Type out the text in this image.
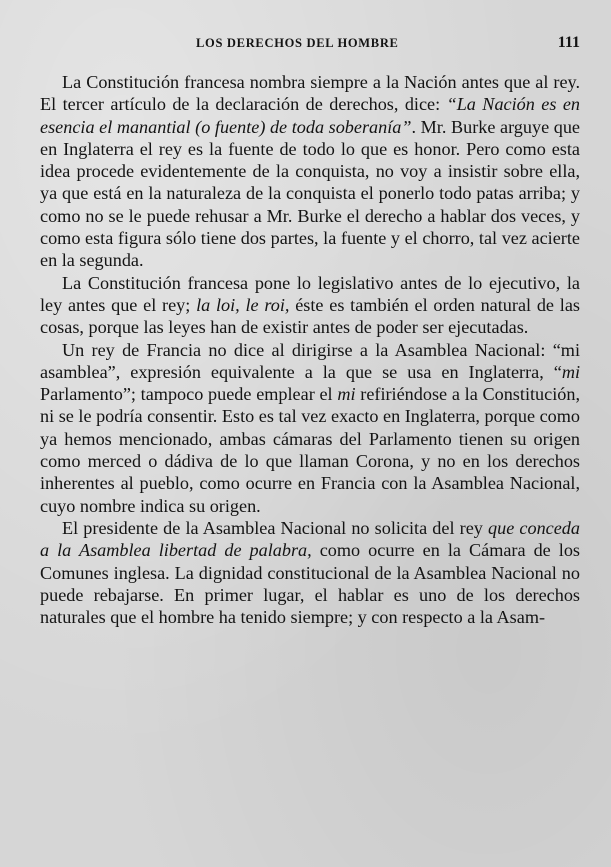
LOS DERECHOS DEL HOMBRE	111

La Constitución francesa nombra siempre a la Nación antes que al rey. El tercer artículo de la declaración de derechos, dice: “La Nación es en esencia el manantial (o fuente) de toda soberanía”. Mr. Burke arguye que en Inglaterra el rey es la fuente de todo lo que es honor. Pero como esta idea procede evidentemente de la conquista, no voy a insistir sobre ella, ya que está en la naturaleza de la conquista el ponerlo todo patas arriba; y como no se le puede rehusar a Mr. Burke el derecho a hablar dos veces, y como esta figura sólo tiene dos partes, la fuente y el chorro, tal vez acierte en la segunda.

La Constitución francesa pone lo legislativo antes de lo ejecutivo, la ley antes que el rey; la loi, le roi, éste es también el orden natural de las cosas, porque las leyes han de existir antes de poder ser ejecutadas.

Un rey de Francia no dice al dirigirse a la Asamblea Nacional: “mi asamblea”, expresión equivalente a la que se usa en Inglaterra, “mi Parlamento”; tampoco puede emplear el mi refiriéndose a la Constitución, ni se le podría consentir. Esto es tal vez exacto en Inglaterra, porque como ya hemos mencionado, ambas cámaras del Parlamento tienen su origen como merced o dádiva de lo que llaman Corona, y no en los derechos inherentes al pueblo, como ocurre en Francia con la Asamblea Nacional, cuyo nombre indica su origen.

El presidente de la Asamblea Nacional no solicita del rey que conceda a la Asamblea libertad de palabra, como ocurre en la Cámara de los Comunes inglesa. La dignidad constitucional de la Asamblea Nacional no puede rebajarse. En primer lugar, el hablar es uno de los derechos naturales que el hombre ha tenido siempre; y con respecto a la Asam-
